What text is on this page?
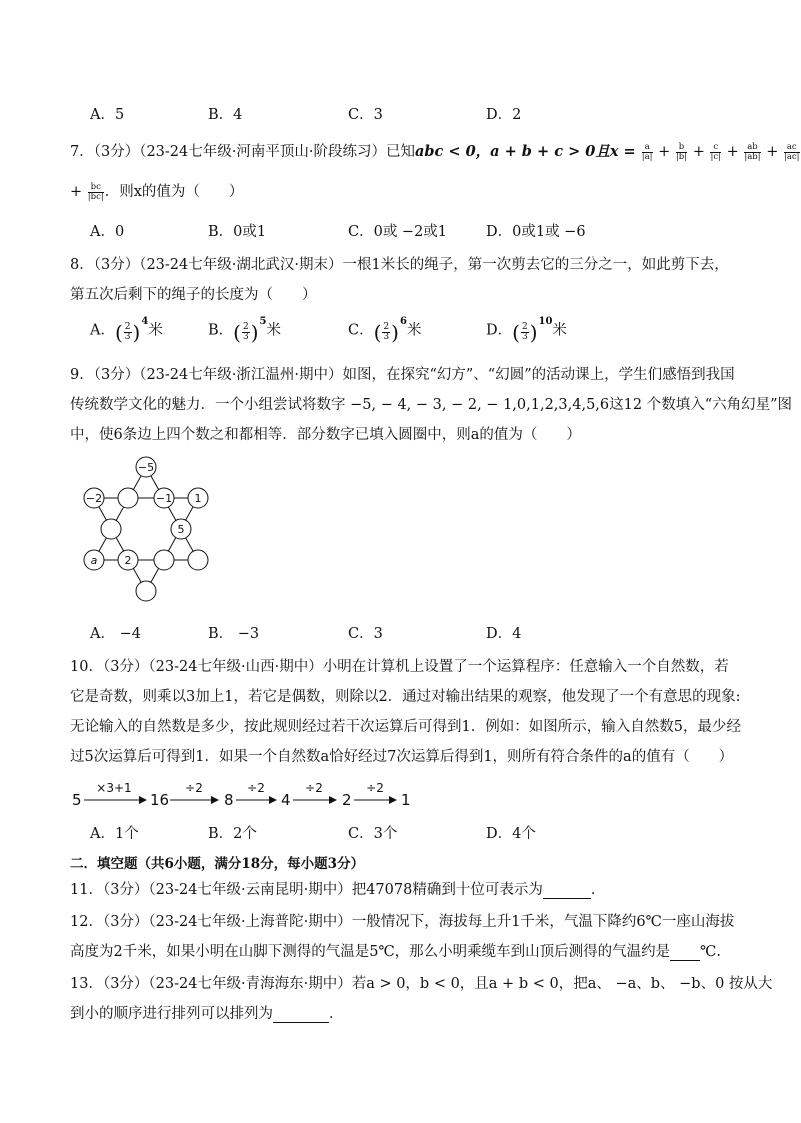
A．5	B．4	C．3	D．2
7．（3分）（23-24七年级·河南平顶山·阶段练习）已知abc < 0，a + b + c > 0且$x = \frac{a}{|a|} + \frac{b}{|b|} + \frac{c}{|c|} + \frac{ab}{|ab|} + \frac{ac}{|ac|}$
+ $\frac{bc}{|bc|}$ ．则x的值为（　　）
A．0	B．0或1	C．0或 −2或1	D．0或1或 −6
8．（3分）（23-24七年级·湖北武汉·期末）一根1米长的绳子，第一次剪去它的三分之一，如此剪下去，
第五次后剩下的绳子的长度为（　　）
A．( $\frac{2}{3} )^4$米	B．( $\frac{2}{3} )^5$米	C．( $\frac{2}{3} )^6$米	D．( $\frac{2}{3} )^{10}$米
9．（3分）（23-24七年级·浙江温州·期中）如图，在探究“幻方”、“幻圆”的活动课上，学生们感悟到我国
传统数学文化的魅力．一个小组尝试将数字 −5, − 4, − 3, − 2, − 1,0,1,2,3,4,5,6这12 个数填入“六角幻星”图
中，使6条边上四个数之和都相等．部分数字已填入圆圈中，则a的值为（　　）
−5
−2	−1 1
5
a 2
A． −4	B． −3	C．3	D．4
10．（3分）（23-24七年级·山西·期中）小明在计算机上设置了一个运算程序：任意输入一个自然数，若
它是奇数，则乘以3加上1，若它是偶数，则除以2．通过对输出结果的观察，他发现了一个有意思的现象:
无论输入的自然数是多少，按此规则经过若干次运算后可得到1．例如：如图所示，输入自然数5，最少经
过5次运算后可得到1．如果一个自然数a恰好经过7次运算后得到1，则所有符合条件的a的值有（　　）
5	16	8	4	2	1
×3+1	÷2	÷2	÷2	÷2
A．1个	B．2个	C．3个	D．4个
二．填空题（共6小题，满分18分，每小题3分）
11．（3分）（23-24七年级·云南昆明·期中）把47078精确到十位可表示为	．
12．（3分）（23-24七年级·上海普陀·期中）一般情况下，海拔每上升1千米，气温下降约6℃一座山海拔
高度为2千米，如果小明在山脚下测得的气温是5℃，那么小明乘缆车到山顶后测得的气温约是 ℃.
13．（3分）（23-24七年级·青海海东·期中）若a > 0，b < 0，且a + b < 0，把a、 −a、b、 −b、0 按从大
到小的顺序进行排列可以排列为	．
